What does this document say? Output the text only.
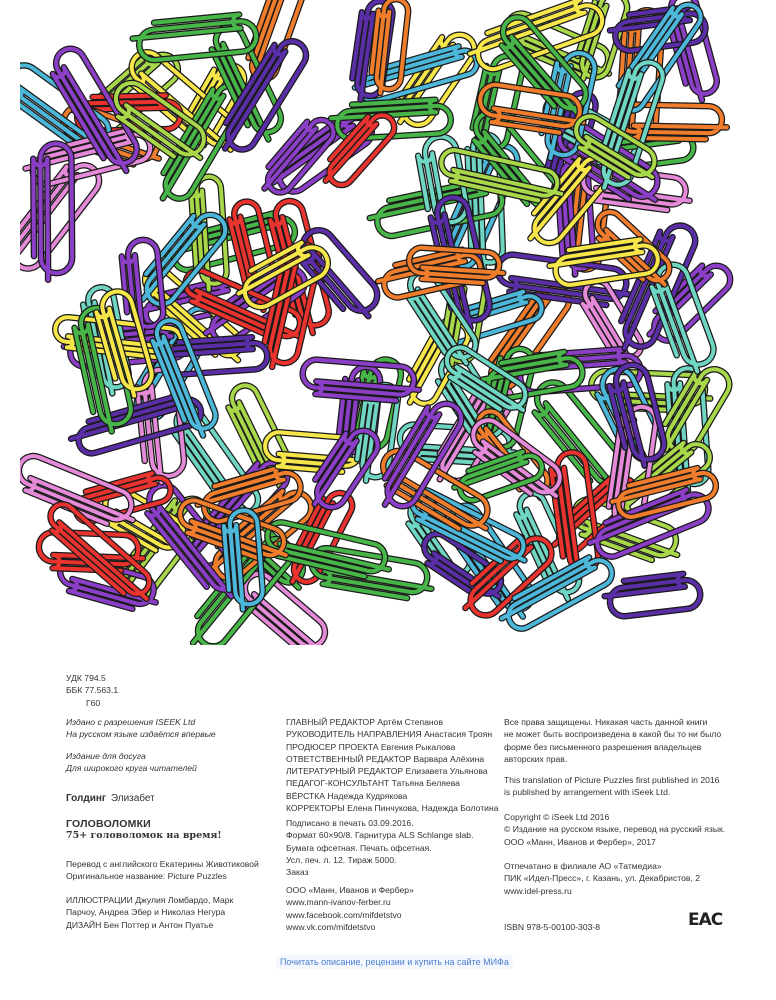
УДК 794.5
ББК 77.563.1
Г60
Издано с разрешения ISEEK Ltd
На русском языке издаётся впервые
Издание для досуга
Для широкого круга читателей
Голдинг Элизабет
ГОЛОВОЛОМКИ
75+ головоломок на время!
Перевод с английского Екатерины Животиковой
Оригинальное название: Picture Puzzles
ИЛЛЮСТРАЦИИ Джулия Ломбардо, Марк
Парчоу, Андреа Эбер и Николаэ Негура
ДИЗАЙН Бен Поттер и Антон Пуатье
ГЛАВНЫЙ РЕДАКТОР Артём Степанов
РУКОВОДИТЕЛЬ НАПРАВЛЕНИЯ Анастасия Троян
ПРОДЮСЕР ПРОЕКТА Евгения Рыкалова
ОТВЕТСТВЕННЫЙ РЕДАКТОР Варвара Алёхина
ЛИТЕРАТУРНЫЙ РЕДАКТОР Елизавета Ульянова
ПЕДАГОГ-КОНСУЛЬТАНТ Татьяна Беляева
ВЁРСТКА Надежда Кудрякова
КОРРЕКТОРЫ Елена Пинчукова, Надежда Болотина
Подписано в печать 03.09.2016.
Формат 60×90/8. Гарнитура ALS Schlange slab.
Бумага офсетная. Печать офсетная.
Усл. печ. л. 12. Тираж 5000.
Заказ
ООО «Манн, Иванов и Фербер»
www.mann-ivanov-ferber.ru
www.facebook.com/mifdetstvo
www.vk.com/mifdetstvo
Все права защищены. Никакая часть данной книги
не может быть воспроизведена в какой бы то ни было
форме без письменного разрешения владельцев
авторских прав.
This translation of Picture Puzzles first published in 2016
is published by arrangement with iSeek Ltd.
Copyright © iSeek Ltd 2016
© Издание на русском языке, перевод на русский язык.
ООО «Манн, Иванов и Фербер», 2017
Отпечатано в филиале АО «Татмедиа»
ПИК «Идел-Пресс», г. Казань, ул. Декабристов, 2
www.idel-press.ru
ISBN 978-5-00100-303-8	ЕАС
Почитать описание, рецензии и купить на сайте МИФа
